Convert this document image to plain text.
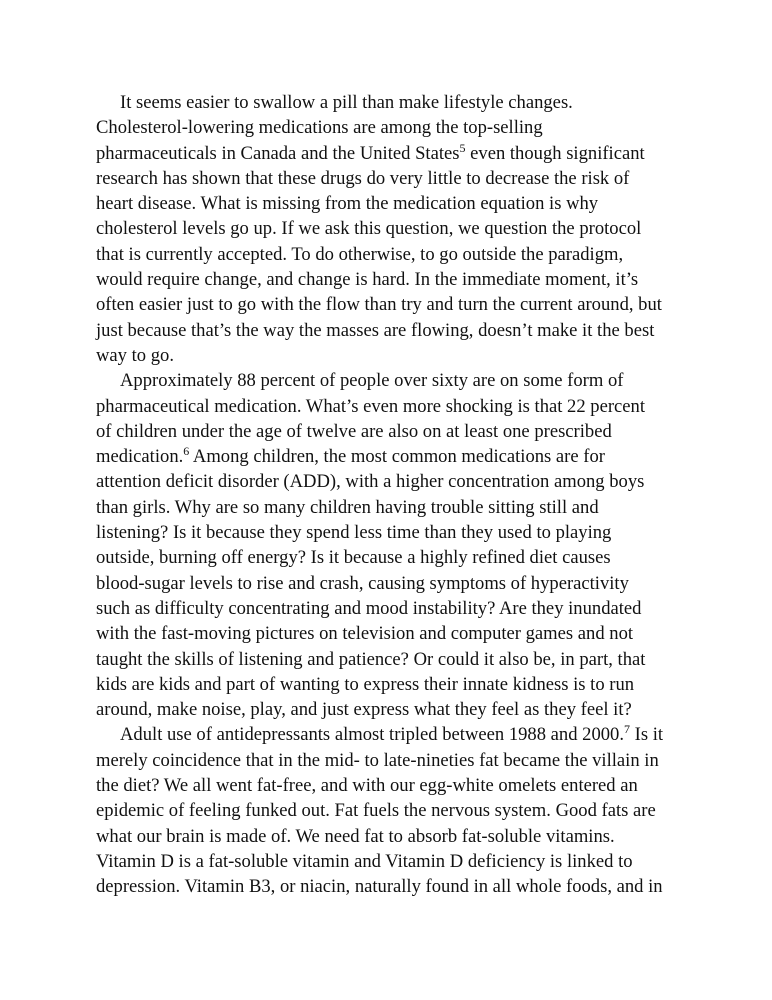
It seems easier to swallow a pill than make lifestyle changes.
Cholesterol-lowering medications are among the top-selling
pharmaceuticals in Canada and the United States$^5$ even though significant
research has shown that these drugs do very little to decrease the risk of
heart disease. What is missing from the medication equation is why
cholesterol levels go up. If we ask this question, we question the protocol
that is currently accepted. To do otherwise, to go outside the paradigm,
would require change, and change is hard. In the immediate moment, it’s
often easier just to go with the flow than try and turn the current around, but
just because that’s the way the masses are flowing, doesn’t make it the best
way to go.

Approximately 88 percent of people over sixty are on some form of
pharmaceutical medication. What’s even more shocking is that 22 percent
of children under the age of twelve are also on at least one prescribed
medication.$^6$ Among children, the most common medications are for
attention deficit disorder (ADD), with a higher concentration among boys
than girls. Why are so many children having trouble sitting still and
listening? Is it because they spend less time than they used to playing
outside, burning off energy? Is it because a highly refined diet causes
blood-sugar levels to rise and crash, causing symptoms of hyperactivity
such as difficulty concentrating and mood instability? Are they inundated
with the fast-moving pictures on television and computer games and not
taught the skills of listening and patience? Or could it also be, in part, that
kids are kids and part of wanting to express their innate kidness is to run
around, make noise, play, and just express what they feel as they feel it?

Adult use of antidepressants almost tripled between 1988 and 2000.$^7$ Is it
merely coincidence that in the mid- to late-nineties fat became the villain in
the diet? We all went fat-free, and with our egg-white omelets entered an
epidemic of feeling funked out. Fat fuels the nervous system. Good fats are
what our brain is made of. We need fat to absorb fat-soluble vitamins.
Vitamin D is a fat-soluble vitamin and Vitamin D deficiency is linked to
depression. Vitamin B3, or niacin, naturally found in all whole foods, and in
